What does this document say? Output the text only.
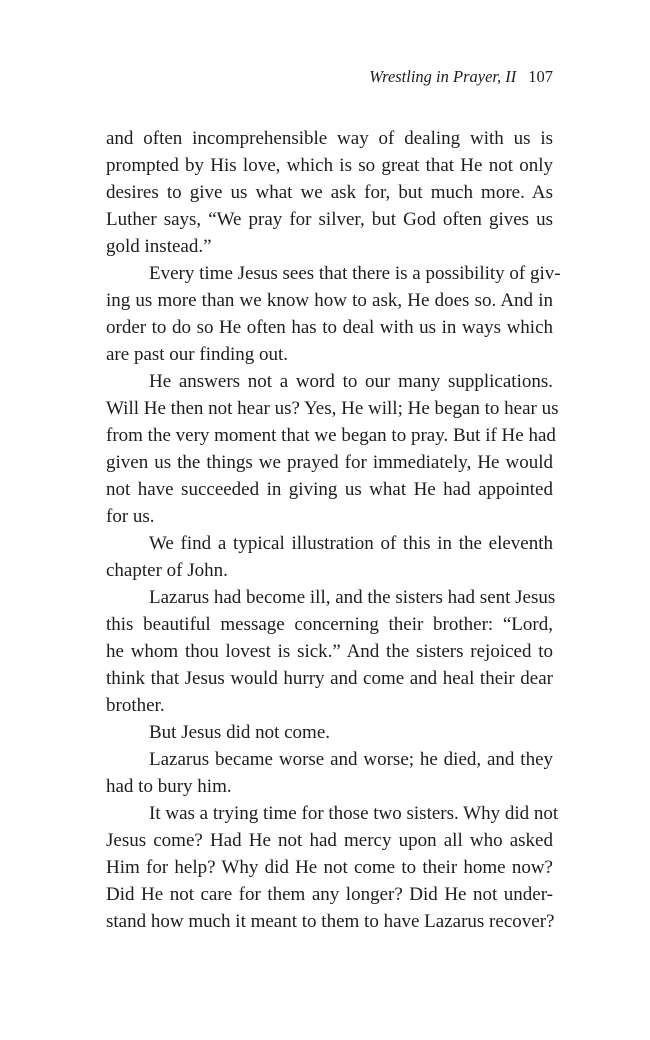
Wrestling in Prayer, II 107
and often incomprehensible way of dealing with us is
prompted by His love, which is so great that He not only
desires to give us what we ask for, but much more. As
Luther says, “We pray for silver, but God often gives us
gold instead.”
Every time Jesus sees that there is a possibility of giv-
ing us more than we know how to ask, He does so. And in
order to do so He often has to deal with us in ways which
are past our finding out.
He answers not a word to our many supplications.
Will He then not hear us? Yes, He will; He began to hear us
from the very moment that we began to pray. But if He had
given us the things we prayed for immediately, He would
not have succeeded in giving us what He had appointed
for us.
We find a typical illustration of this in the eleventh
chapter of John.
Lazarus had become ill, and the sisters had sent Jesus
this beautiful message concerning their brother: “Lord,
he whom thou lovest is sick.” And the sisters rejoiced to
think that Jesus would hurry and come and heal their dear
brother.
But Jesus did not come.
Lazarus became worse and worse; he died, and they
had to bury him.
It was a trying time for those two sisters. Why did not
Jesus come? Had He not had mercy upon all who asked
Him for help? Why did He not come to their home now?
Did He not care for them any longer? Did He not under-
stand how much it meant to them to have Lazarus recover?
